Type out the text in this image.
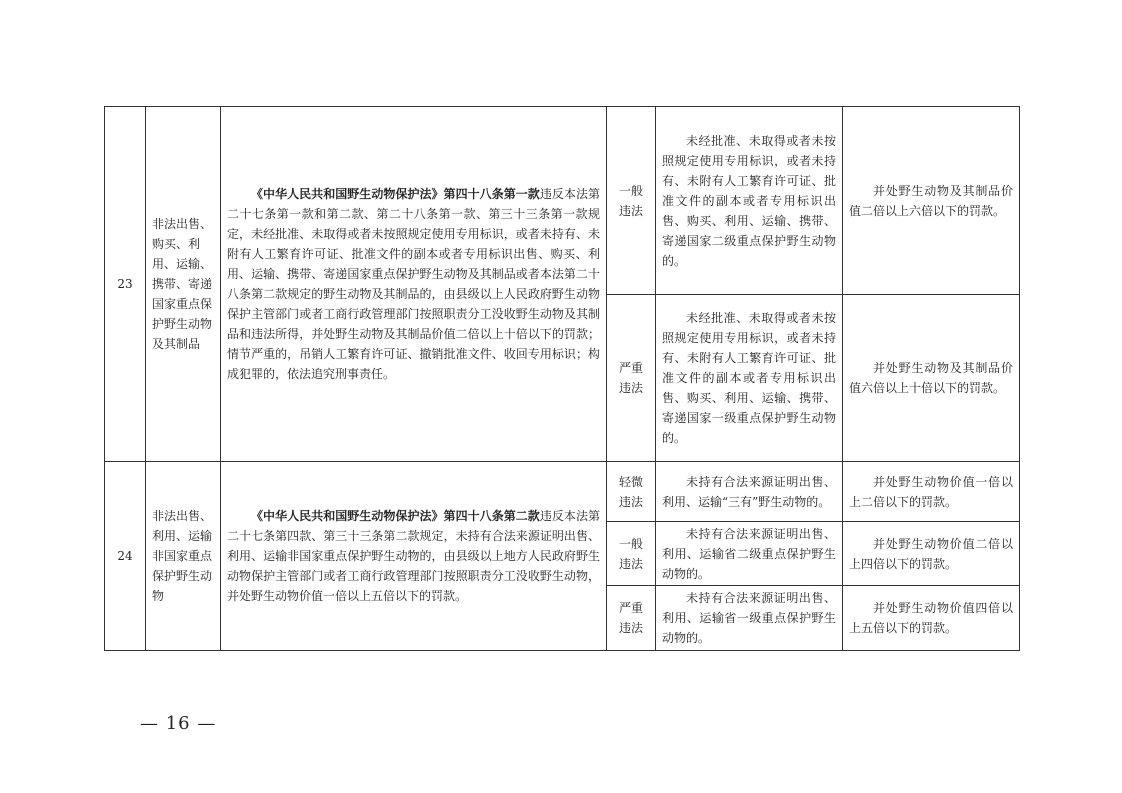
23	非法出售、购买、利用、运输、携带、寄递国家重点保护野生动物及其制品	《中华人民共和国野生动物保护法》第四十八条第一款违反本法第二十七条第一款和第二款、第二十八条第一款、第三十三条第一款规定，未经批准、未取得或者未按照规定使用专用标识，或者未持有、未附有人工繁育许可证、批准文件的副本或者专用标识出售、购买、利用、运输、携带、寄递国家重点保护野生动物及其制品或者本法第二十八条第二款规定的野生动物及其制品的，由县级以上人民政府野生动物保护主管部门或者工商行政管理部门按照职责分工没收野生动物及其制品和违法所得，并处野生动物及其制品价值二倍以上十倍以下的罚款；情节严重的，吊销人工繁育许可证、撤销批准文件、收回专用标识；构成犯罪的，依法追究刑事责任。	一般违法	未经批准、未取得或者未按照规定使用专用标识，或者未持有、未附有人工繁育许可证、批准文件的副本或者专用标识出售、购买、利用、运输、携带、寄递国家二级重点保护野生动物的。	并处野生动物及其制品价值二倍以上六倍以下的罚款。

			严重违法	未经批准、未取得或者未按照规定使用专用标识，或者未持有、未附有人工繁育许可证、批准文件的副本或者专用标识出售、购买、利用、运输、携带、寄递国家一级重点保护野生动物的。	并处野生动物及其制品价值六倍以上十倍以下的罚款。

24	非法出售、利用、运输非国家重点保护野生动物	《中华人民共和国野生动物保护法》第四十八条第二款违反本法第二十七条第四款、第三十三条第二款规定，未持有合法来源证明出售、利用、运输非国家重点保护野生动物的，由县级以上地方人民政府野生动物保护主管部门或者工商行政管理部门按照职责分工没收野生动物，并处野生动物价值一倍以上五倍以下的罚款。	轻微违法	未持有合法来源证明出售、利用、运输“三有”野生动物的。	并处野生动物价值一倍以上二倍以下的罚款。

			一般违法	未持有合法来源证明出售、利用、运输省二级重点保护野生动物的。	并处野生动物价值二倍以上四倍以下的罚款。

			严重违法	未持有合法来源证明出售、利用、运输省一级重点保护野生动物的。	并处野生动物价值四倍以上五倍以下的罚款。
— 16 —
